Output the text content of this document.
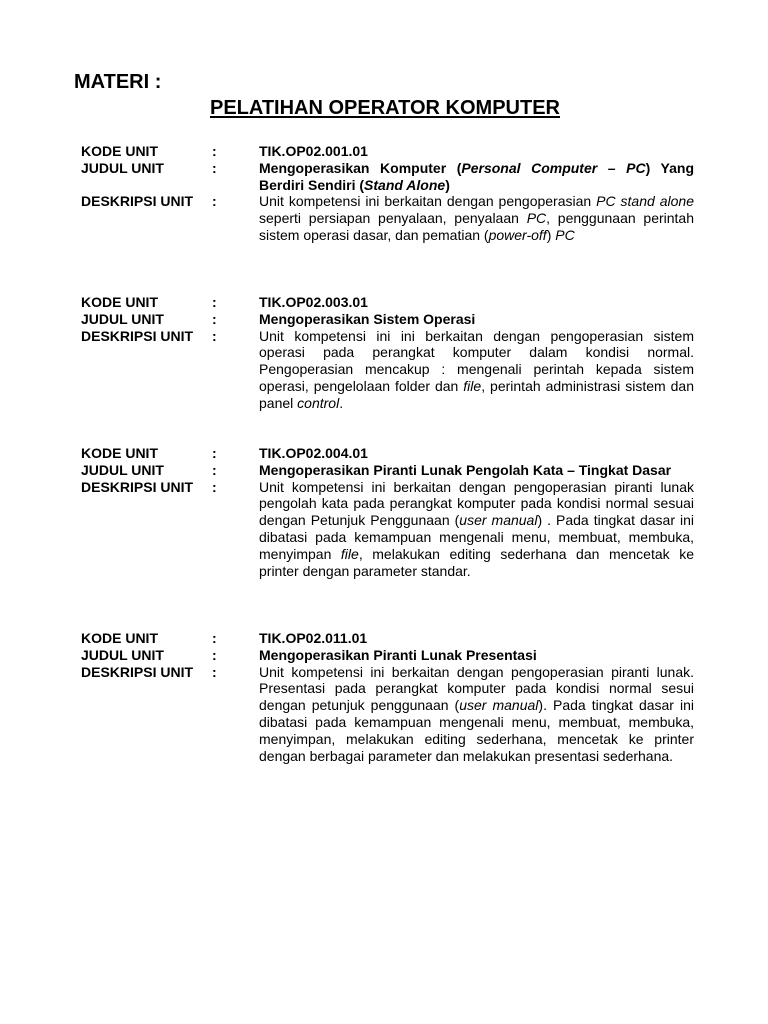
MATERI :
PELATIHAN OPERATOR KOMPUTER
KODE UNIT	:	TIK.OP02.001.01
JUDUL UNIT	:	Mengoperasikan Komputer (Personal Computer – PC) Yang Berdiri Sendiri (Stand Alone)
DESKRIPSI UNIT	:	Unit kompetensi ini berkaitan dengan pengoperasian PC stand alone seperti persiapan penyalaan, penyalaan PC, penggunaan perintah sistem operasi dasar, dan pematian (power-off) PC
KODE UNIT	:	TIK.OP02.003.01
JUDUL UNIT	:	Mengoperasikan Sistem Operasi
DESKRIPSI UNIT	:	Unit kompetensi ini ini berkaitan dengan pengoperasian sistem operasi pada perangkat komputer dalam kondisi normal. Pengoperasian mencakup : mengenali perintah kepada sistem operasi, pengelolaan folder dan file, perintah administrasi sistem dan panel control.
KODE UNIT	:	TIK.OP02.004.01
JUDUL UNIT	:	Mengoperasikan Piranti Lunak Pengolah Kata – Tingkat Dasar
DESKRIPSI UNIT	:	Unit kompetensi ini berkaitan dengan pengoperasian piranti lunak pengolah kata pada perangkat komputer pada kondisi normal sesuai dengan Petunjuk Penggunaan (user manual) . Pada tingkat dasar ini dibatasi pada kemampuan mengenali menu, membuat, membuka, menyimpan file, melakukan editing sederhana dan mencetak ke printer dengan parameter standar.
KODE UNIT	:	TIK.OP02.011.01
JUDUL UNIT	:	Mengoperasikan Piranti Lunak Presentasi
DESKRIPSI UNIT	:	Unit kompetensi ini berkaitan dengan pengoperasian piranti lunak. Presentasi pada perangkat komputer pada kondisi normal sesui dengan petunjuk penggunaan (user manual). Pada tingkat dasar ini dibatasi pada kemampuan mengenali menu, membuat, membuka, menyimpan, melakukan editing sederhana, mencetak ke printer dengan berbagai parameter dan melakukan presentasi sederhana.
